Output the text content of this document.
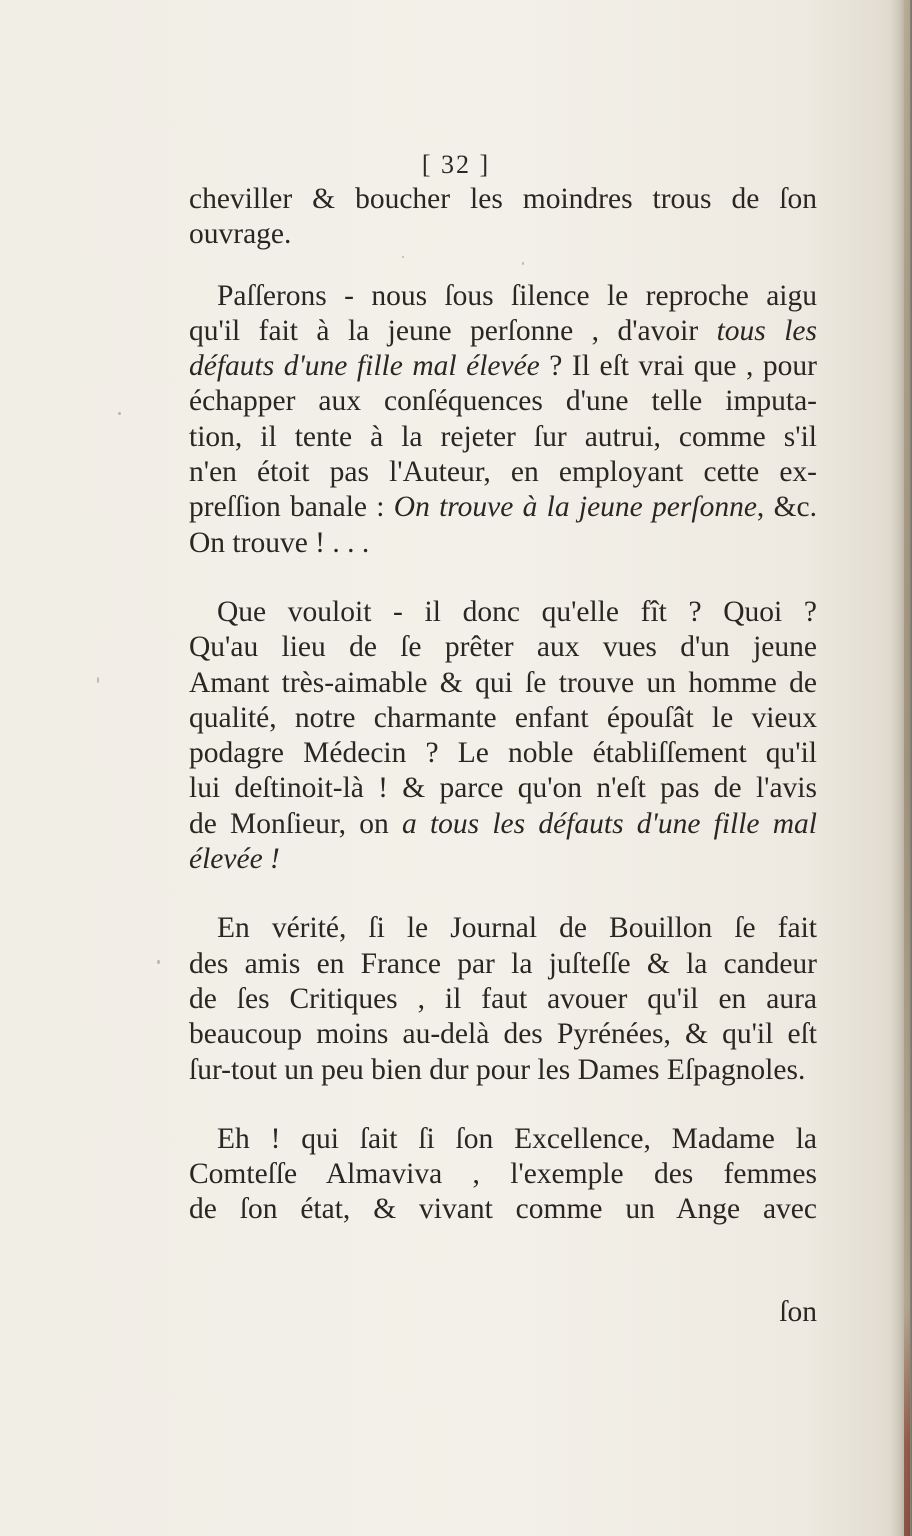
[ 32 ]
cheviller & boucher les moindres trous de ſon
ouvrage.
Paſſerons - nous ſous ſilence le reproche aigu
qu'il fait à la jeune perſonne , d'avoir tous les
défauts d'une fille mal élevée ? Il eſt vrai que , pour
échapper aux conſéquences d'une telle imputa-
tion, il tente à la rejeter ſur autrui, comme s'il
n'en étoit pas l'Auteur, en employant cette ex-
preſſion banale : On trouve à la jeune perſonne, &c.
On trouve ! . . .
Que vouloit - il donc qu'elle fît ? Quoi ?
Qu'au lieu de ſe prêter aux vues d'un jeune
Amant très-aimable & qui ſe trouve un homme de
qualité, notre charmante enfant épouſât le vieux
podagre Médecin ? Le noble établiſſement qu'il
lui deſtinoit-là ! & parce qu'on n'eſt pas de l'avis
de Monſieur, on a tous les défauts d'une fille mal
élevée !
En vérité, ſi le Journal de Bouillon ſe fait
des amis en France par la juſteſſe & la candeur
de ſes Critiques , il faut avouer qu'il en aura
beaucoup moins au-delà des Pyrénées, & qu'il eſt
ſur-tout un peu bien dur pour les Dames Eſpagnoles.
Eh ! qui ſait ſi ſon Excellence, Madame la
Comteſſe Almaviva , l'exemple des femmes
de ſon état, & vivant comme un Ange avec
ſon
